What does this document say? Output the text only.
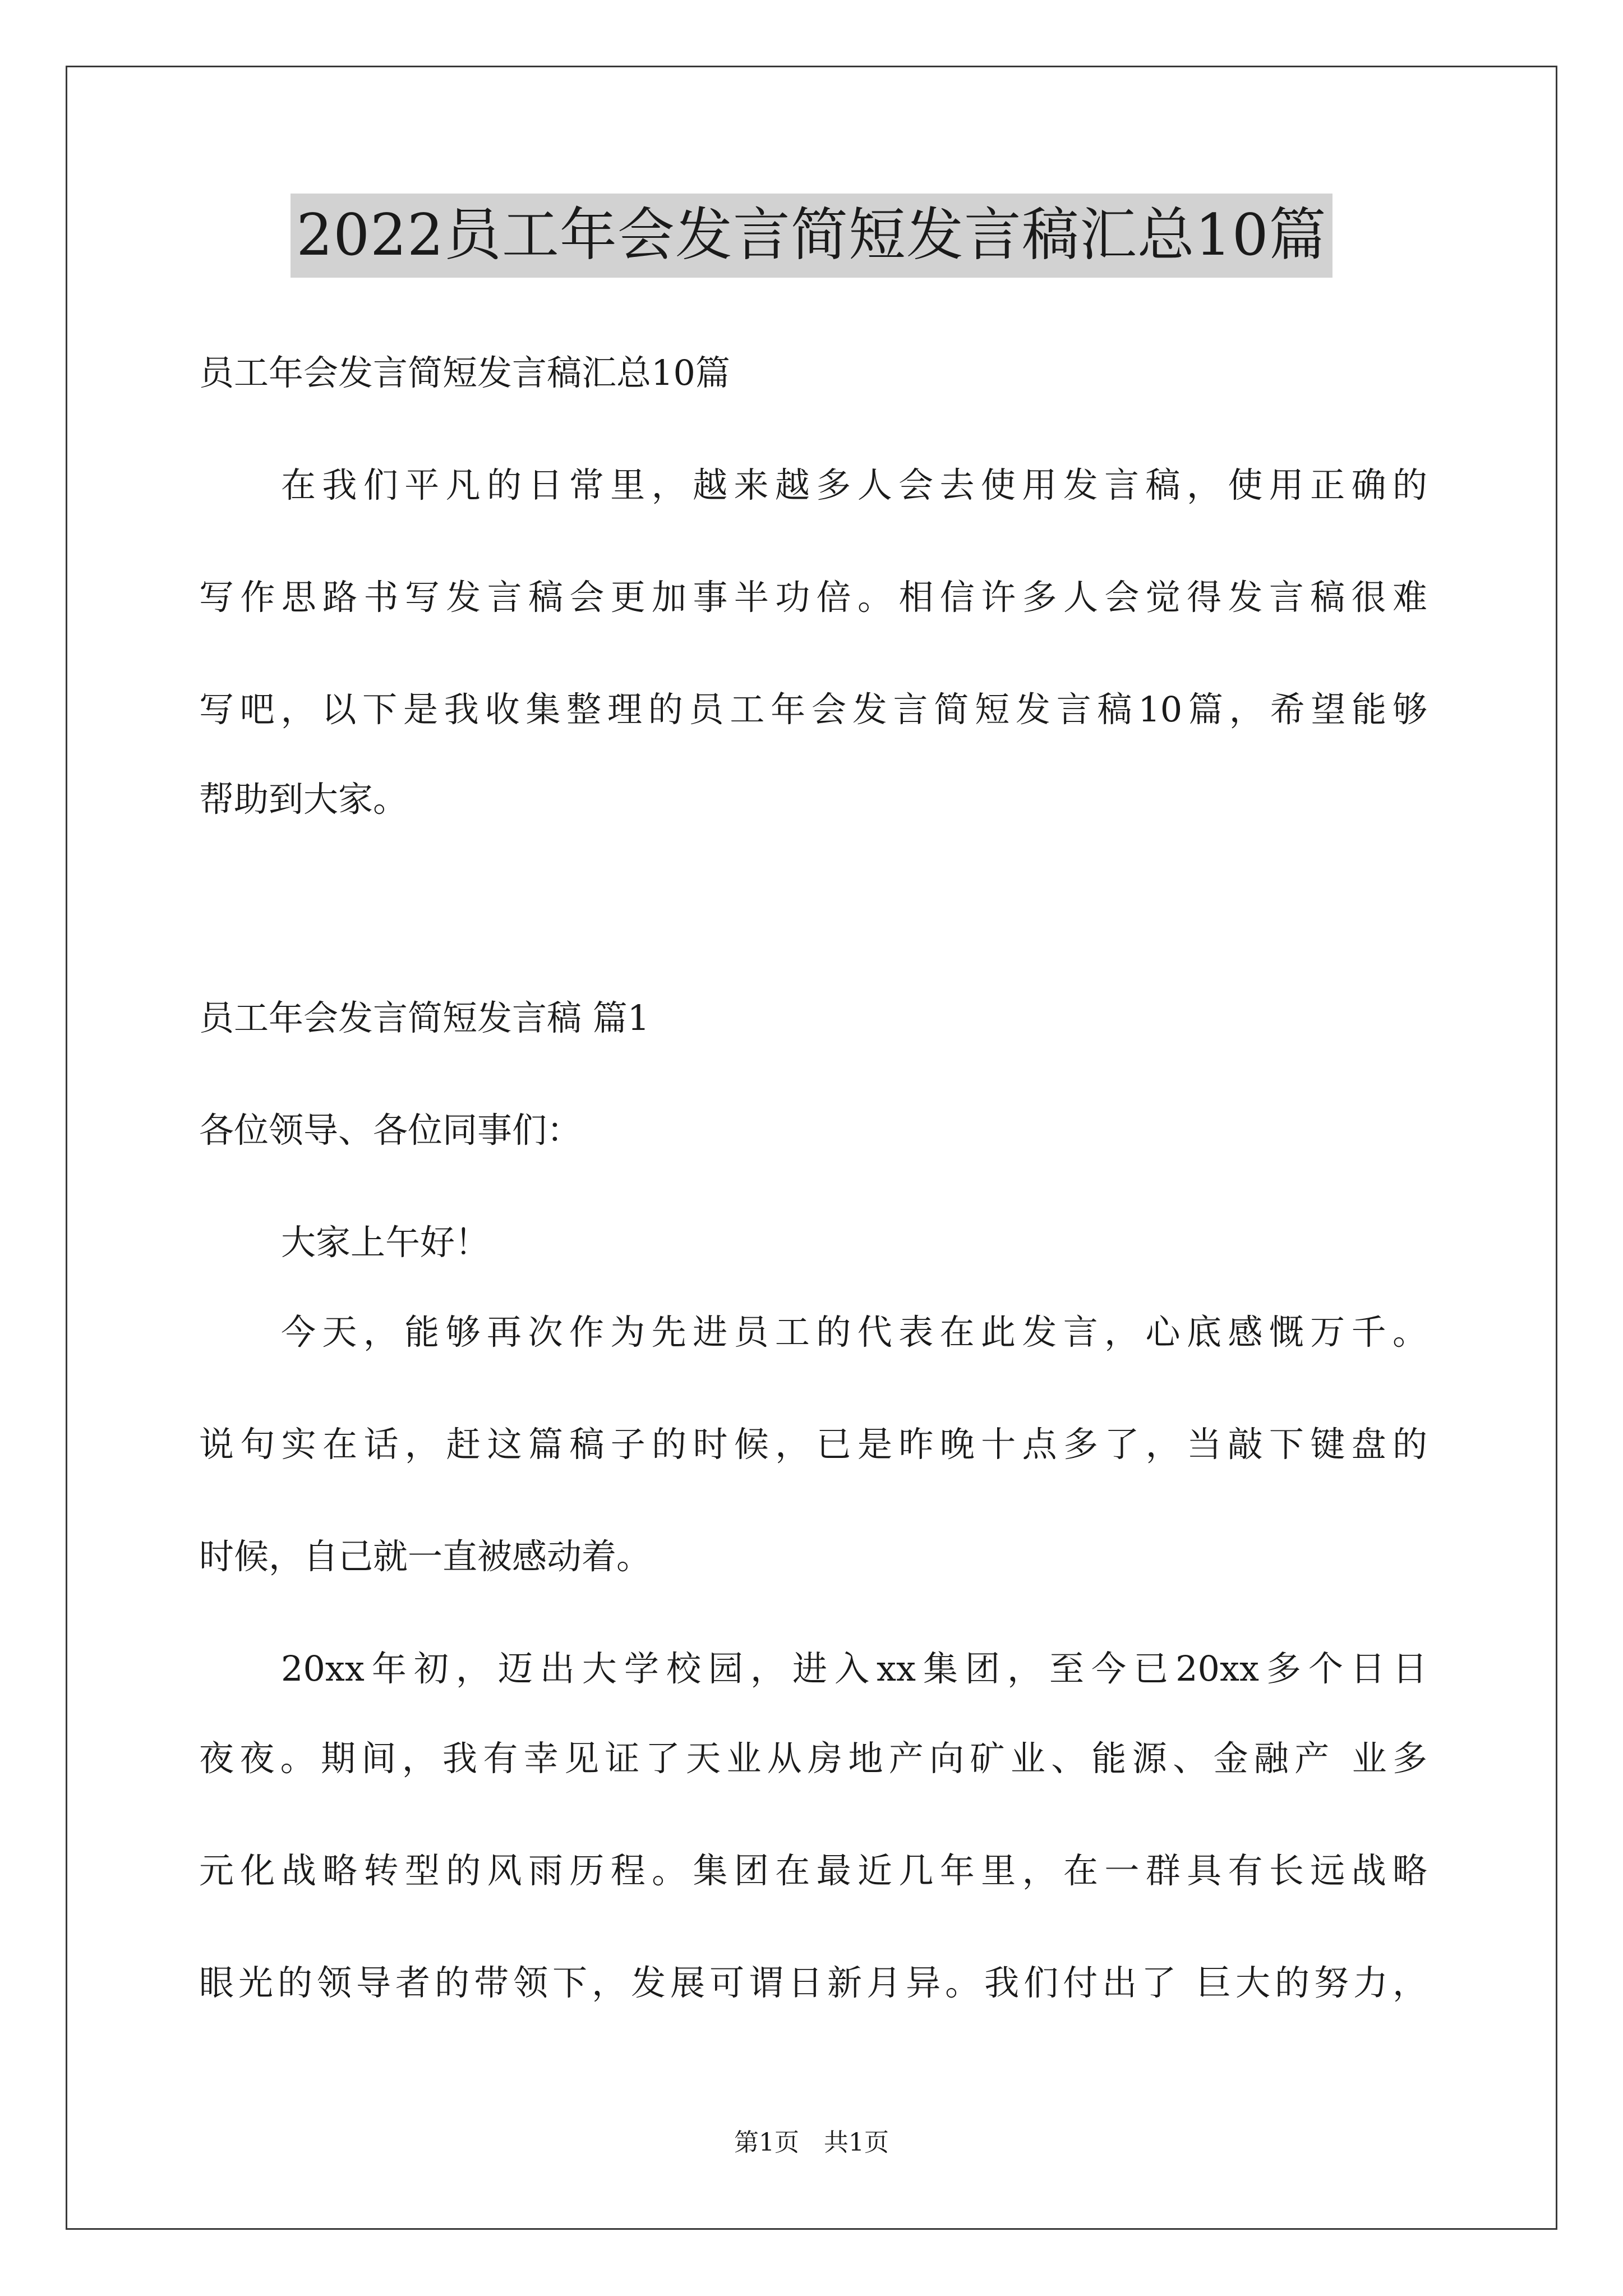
2022员工年会发言简短发言稿汇总10篇
员工年会发言简短发言稿汇总10篇
在我们平凡的日常里，越来越多人会去使用发言稿，使用正确的
写作思路书写发言稿会更加事半功倍。相信许多人会觉得发言稿很难
写吧，以下是我收集整理的员工年会发言简短发言稿10篇，希望能够
帮助到大家。
员工年会发言简短发言稿 篇1
各位领导、各位同事们：
大家上午好！
今天，能够再次作为先进员工的代表在此发言，心底感慨万千。
说句实在话，赶这篇稿子的时候，已是昨晚十点多了，当敲下键盘的
时候，自己就一直被感动着。
20xx年初，迈出大学校园，进入xx集团，至今已20xx多个日日
夜夜。期间，我有幸见证了天业从房地产向矿业、能源、金融产 业多
元化战略转型的风雨历程。集团在最近几年里，在一群具有长远战略
眼光的领导者的带领下，发展可谓日新月异。我们付出了 巨大的努力，
第1页　共1页
